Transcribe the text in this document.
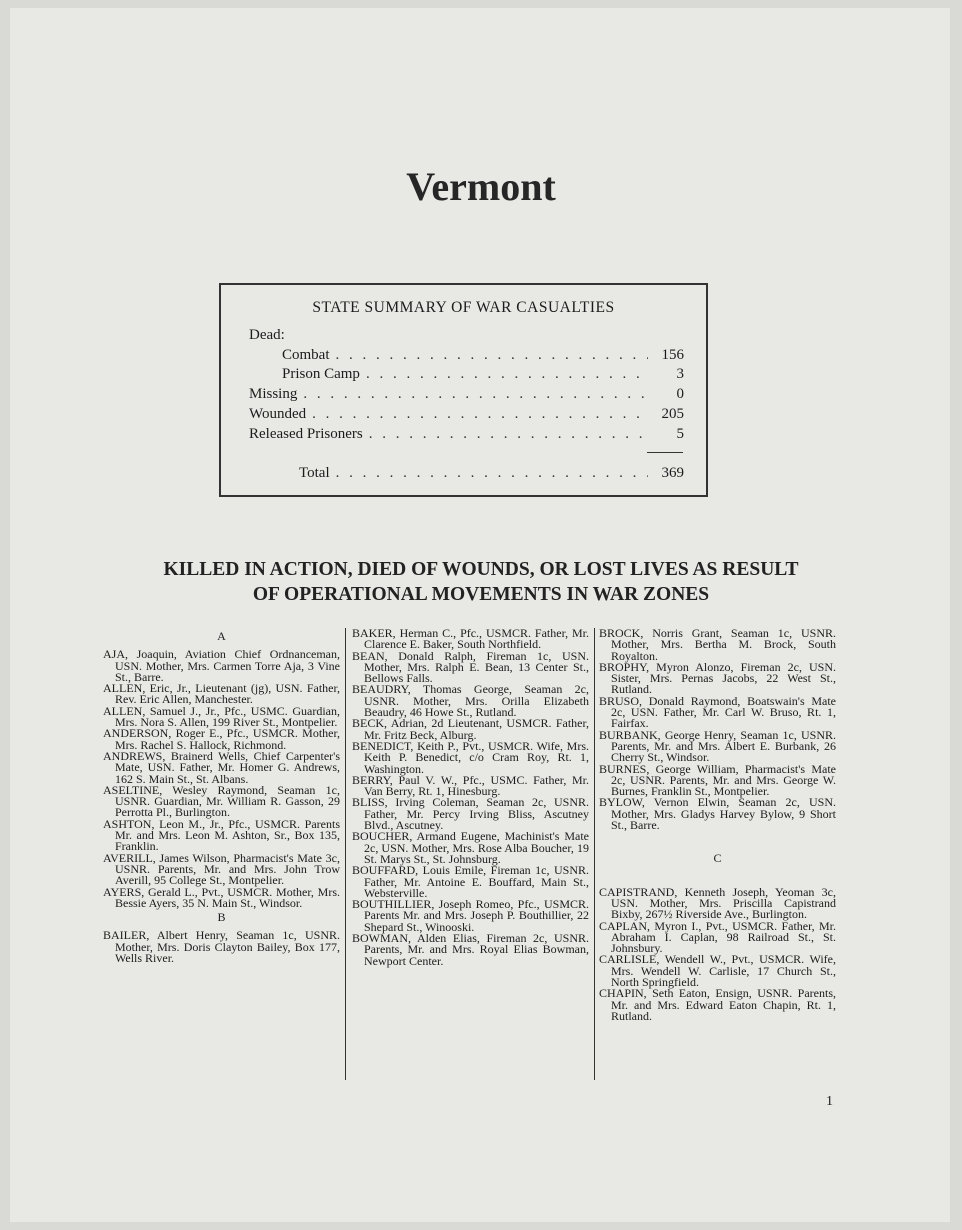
Vermont
STATE SUMMARY OF WAR CASUALTIES
Dead:
Combat . . .	156
Prison Camp . . .	3
Missing . . .	0
Wounded . . .	205
Released Prisoners . . .	5
Total . . .	369
KILLED IN ACTION, DIED OF WOUNDS, OR LOST LIVES AS RESULT
OF OPERATIONAL MOVEMENTS IN WAR ZONES
A

AJA, Joaquin, Aviation Chief Ordnanceman, USN. Mother, Mrs. Carmen Torre Aja, 3 Vine St., Barre.

ALLEN, Eric, Jr., Lieutenant (jg), USN. Father, Rev. Eric Allen, Manchester.

ALLEN, Samuel J., Jr., Pfc., USMC. Guardian, Mrs. Nora S. Allen, 199 River St., Montpelier.

ANDERSON, Roger E., Pfc., USMCR. Mother, Mrs. Rachel S. Hallock, Richmond.

ANDREWS, Brainerd Wells, Chief Carpenter's Mate, USN. Father, Mr. Homer G. Andrews, 162 S. Main St., St. Albans.

ASELTINE, Wesley Raymond, Seaman 1c, USNR. Guardian, Mr. William R. Gasson, 29 Perrotta Pl., Burlington.

ASHTON, Leon M., Jr., Pfc., USMCR. Parents Mr. and Mrs. Leon M. Ashton, Sr., Box 135, Franklin.

AVERILL, James Wilson, Pharmacist's Mate 3c, USNR. Parents, Mr. and Mrs. John Trow Averill, 95 College St., Montpelier.

AYERS, Gerald L., Pvt., USMCR. Mother, Mrs. Bessie Ayers, 35 N. Main St., Windsor.

B

BAILER, Albert Henry, Seaman 1c, USNR. Mother, Mrs. Doris Clayton Bailey, Box 177, Wells River.

BAKER, Herman C., Pfc., USMCR. Father, Mr. Clarence E. Baker, South Northfield.

BEAN, Donald Ralph, Fireman 1c, USN. Mother, Mrs. Ralph E. Bean, 13 Center St., Bellows Falls.

BEAUDRY, Thomas George, Seaman 2c, USNR. Mother, Mrs. Orilla Elizabeth Beaudry, 46 Howe St., Rutland.

BECK, Adrian, 2d Lieutenant, USMCR. Father, Mr. Fritz Beck, Alburg.

BENEDICT, Keith P., Pvt., USMCR. Wife, Mrs. Keith P. Benedict, c/o Cram Roy, Rt. 1, Washington.

BERRY, Paul V. W., Pfc., USMC. Father, Mr. Van Berry, Rt. 1, Hinesburg.

BLISS, Irving Coleman, Seaman 2c, USNR. Father, Mr. Percy Irving Bliss, Ascutney Blvd., Ascutney.

BOUCHER, Armand Eugene, Machinist's Mate 2c, USN. Mother, Mrs. Rose Alba Boucher, 19 St. Marys St., St. Johnsburg.

BOUFFARD, Louis Emile, Fireman 1c, USNR. Father, Mr. Antoine E. Bouffard, Main St., Websterville.

BOUTHILLIER, Joseph Romeo, Pfc., USMCR. Parents Mr. and Mrs. Joseph P. Bouthillier, 22 Shepard St., Winooski.

BOWMAN, Alden Elias, Fireman 2c, USNR. Parents, Mr. and Mrs. Royal Elias Bowman, Newport Center.

BROCK, Norris Grant, Seaman 1c, USNR. Mother, Mrs. Bertha M. Brock, South Royalton.

BROPHY, Myron Alonzo, Fireman 2c, USN. Sister, Mrs. Pernas Jacobs, 22 West St., Rutland.

BRUSO, Donald Raymond, Boatswain's Mate 2c, USN. Father, Mr. Carl W. Bruso, Rt. 1, Fairfax.

BURBANK, George Henry, Seaman 1c, USNR. Parents, Mr. and Mrs. Albert E. Burbank, 26 Cherry St., Windsor.

BURNES, George William, Pharmacist's Mate 2c, USNR. Parents, Mr. and Mrs. George W. Burnes, Franklin St., Montpelier.

BYLOW, Vernon Elwin, Seaman 2c, USN. Mother, Mrs. Gladys Harvey Bylow, 9 Short St., Barre.

C

CAPISTRAND, Kenneth Joseph, Yeoman 3c, USN. Mother, Mrs. Priscilla Capistrand Bixby, 267½ Riverside Ave., Burlington.

CAPLAN, Myron I., Pvt., USMCR. Father, Mr. Abraham I. Caplan, 98 Railroad St., St. Johnsbury.

CARLISLE, Wendell W., Pvt., USMCR. Wife, Mrs. Wendell W. Carlisle, 17 Church St., North Springfield.

CHAPIN, Seth Eaton, Ensign, USNR. Parents, Mr. and Mrs. Edward Eaton Chapin, Rt. 1, Rutland.

1
